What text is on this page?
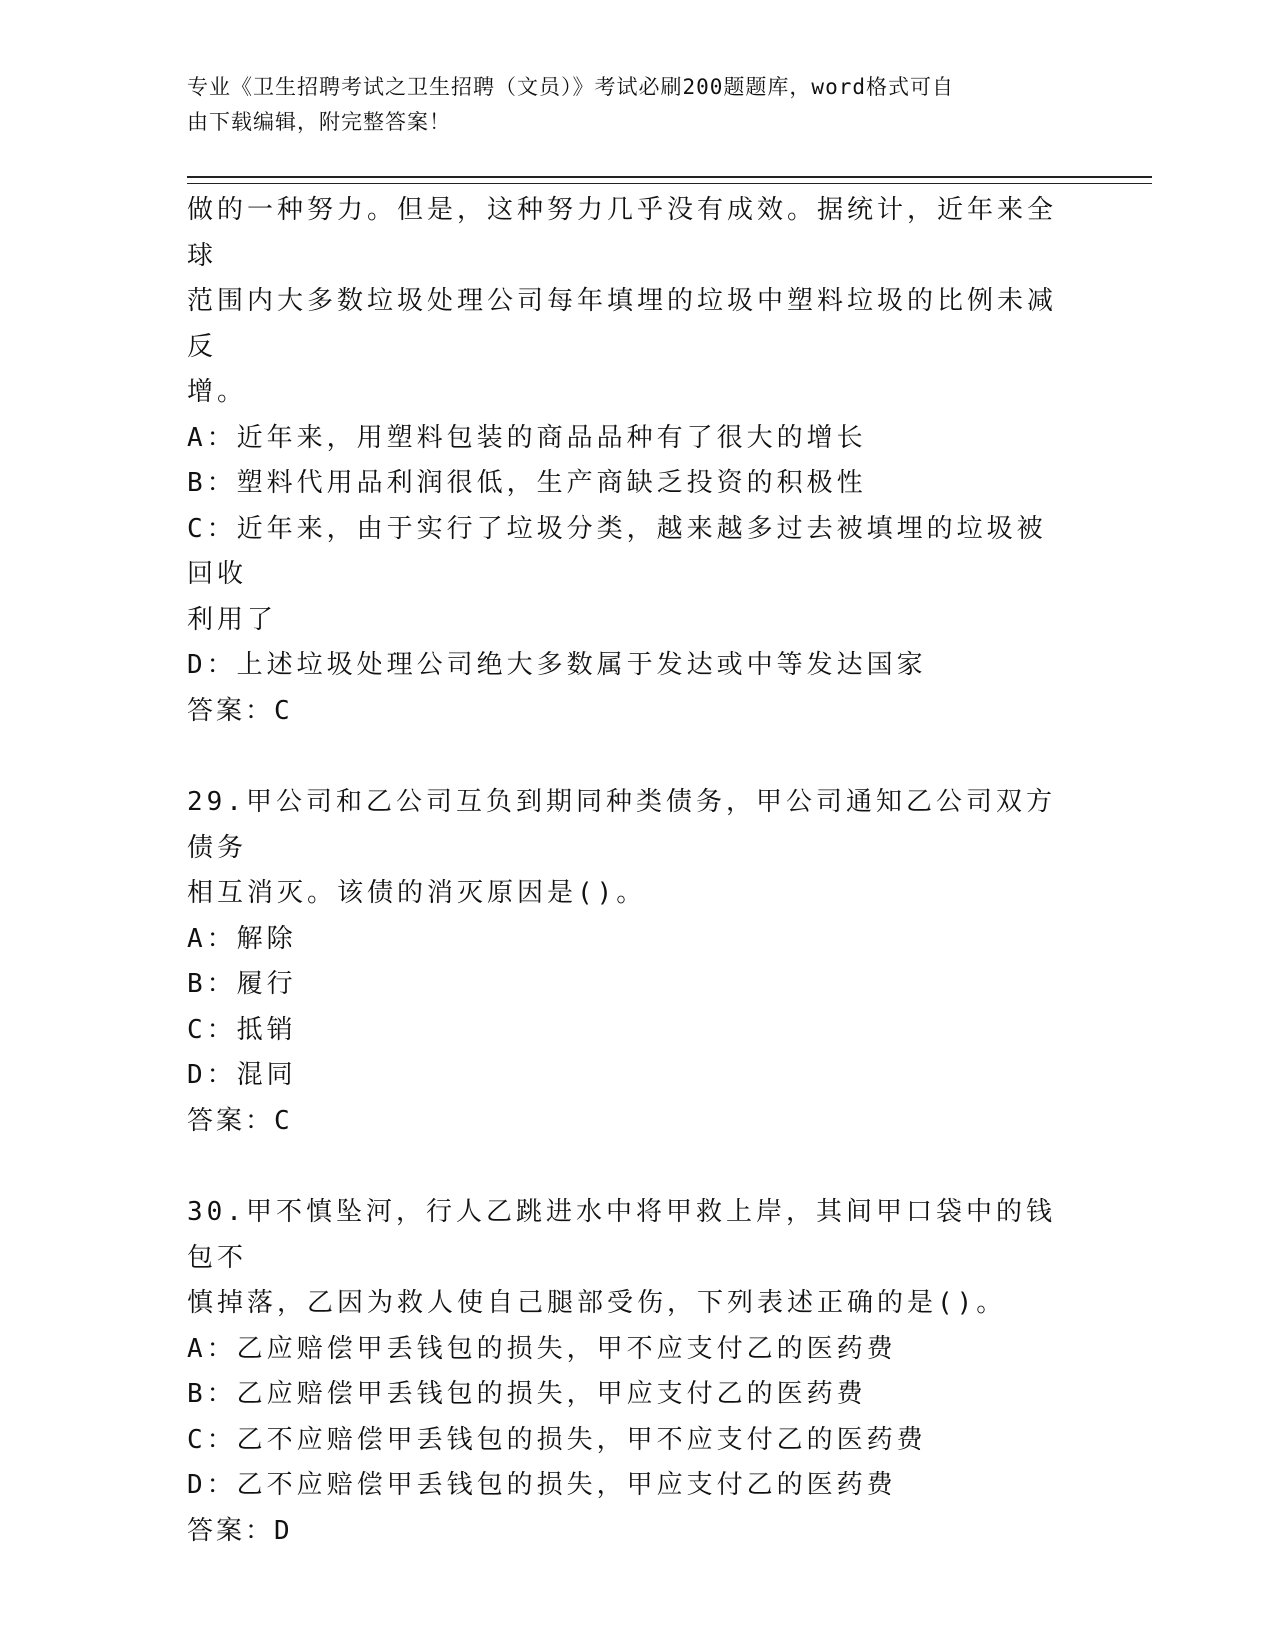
专业《卫生招聘考试之卫生招聘（文员）》考试必刷200题题库，word格式可自
由下载编辑，附完整答案！

做的一种努力。但是，这种努力几乎没有成效。据统计，近年来全球

范围内大多数垃圾处理公司每年填埋的垃圾中塑料垃圾的比例未减反

增。

A：近年来，用塑料包装的商品品种有了很大的增长

B：塑料代用品利润很低，生产商缺乏投资的积极性

C：近年来，由于实行了垃圾分类，越来越多过去被填埋的垃圾被回收

利用了

D：上述垃圾处理公司绝大多数属于发达或中等发达国家

答案：C

29.甲公司和乙公司互负到期同种类债务，甲公司通知乙公司双方债务

相互消灭。该债的消灭原因是()。

A：解除

B：履行

C：抵销

D：混同

答案：C

30.甲不慎坠河，行人乙跳进水中将甲救上岸，其间甲口袋中的钱包不

慎掉落，乙因为救人使自己腿部受伤，下列表述正确的是()。

A：乙应赔偿甲丢钱包的损失，甲不应支付乙的医药费

B：乙应赔偿甲丢钱包的损失，甲应支付乙的医药费

C：乙不应赔偿甲丢钱包的损失，甲不应支付乙的医药费

D：乙不应赔偿甲丢钱包的损失，甲应支付乙的医药费

答案：D
